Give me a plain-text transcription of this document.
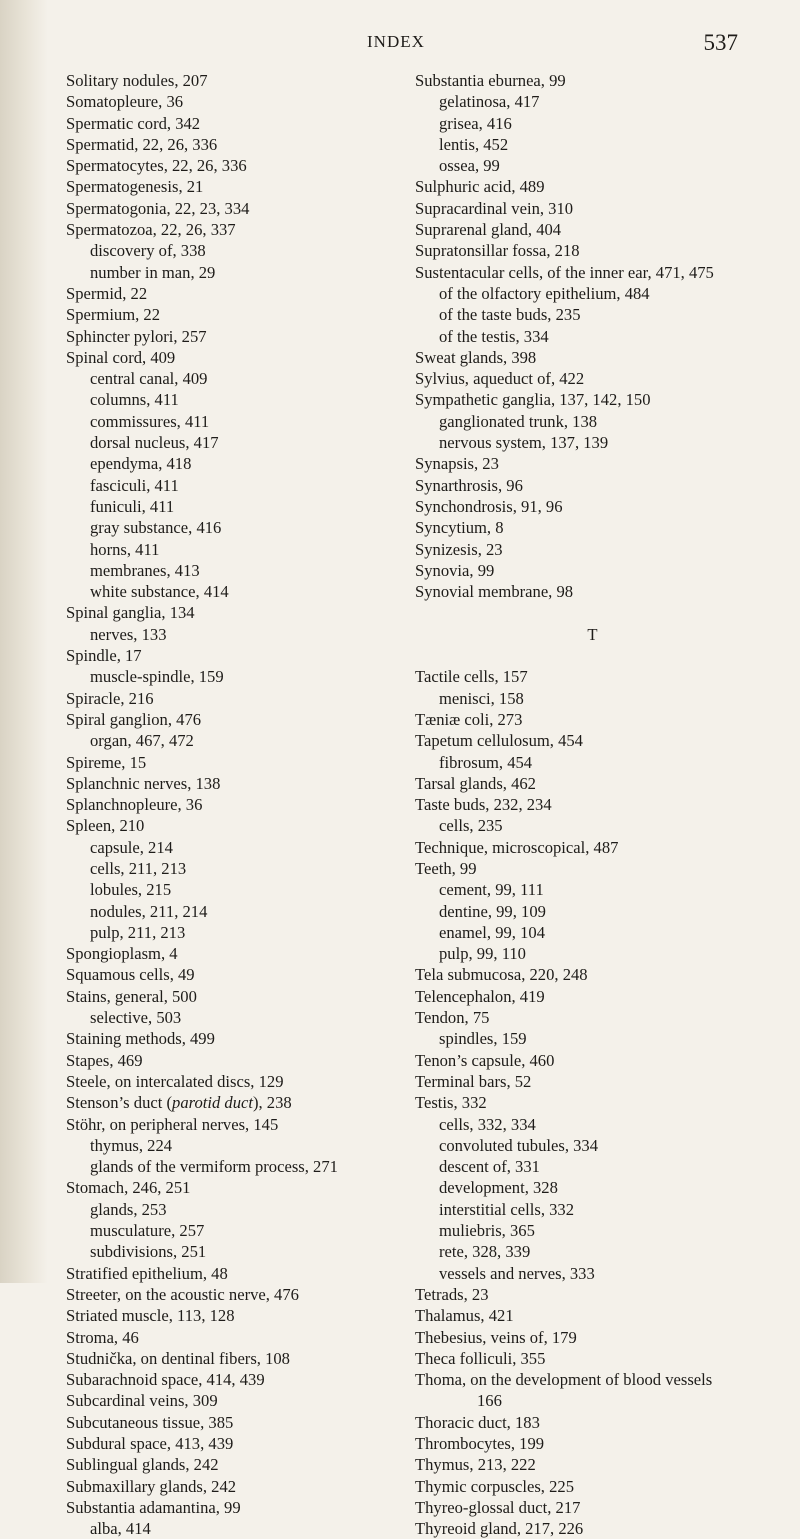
INDEX	537
Solitary nodules, 207
Somatopleure, 36
Spermatic cord, 342
Spermatid, 22, 26, 336
Spermatocytes, 22, 26, 336
Spermatogenesis, 21
Spermatogonia, 22, 23, 334
Spermatozoa, 22, 26, 337
discovery of, 338
number in man, 29
Spermid, 22
Spermium, 22
Sphincter pylori, 257
Spinal cord, 409
central canal, 409
columns, 411
commissures, 411
dorsal nucleus, 417
ependyma, 418
fasciculi, 411
funiculi, 411
gray substance, 416
horns, 411
membranes, 413
white substance, 414
Spinal ganglia, 134
nerves, 133
Spindle, 17
muscle-spindle, 159
Spiracle, 216
Spiral ganglion, 476
organ, 467, 472
Spireme, 15
Splanchnic nerves, 138
Splanchnopleure, 36
Spleen, 210
capsule, 214
cells, 211, 213
lobules, 215
nodules, 211, 214
pulp, 211, 213
Spongioplasm, 4
Squamous cells, 49
Stains, general, 500
selective, 503
Staining methods, 499
Stapes, 469
Steele, on intercalated discs, 129
Stenson’s duct (parotid duct), 238
Stöhr, on peripheral nerves, 145
thymus, 224
glands of the vermiform process, 271
Stomach, 246, 251
glands, 253
musculature, 257
subdivisions, 251
Stratified epithelium, 48
Streeter, on the acoustic nerve, 476
Striated muscle, 113, 128
Stroma, 46
Studnička, on dentinal fibers, 108
Subarachnoid space, 414, 439
Subcardinal veins, 309
Subcutaneous tissue, 385
Subdural space, 413, 439
Sublingual glands, 242
Submaxillary glands, 242
Substantia adamantina, 99
alba, 414
Substantia eburnea, 99
gelatinosa, 417
grisea, 416
lentis, 452
ossea, 99
Sulphuric acid, 489
Supracardinal vein, 310
Suprarenal gland, 404
Supratonsillar fossa, 218
Sustentacular cells, of the inner ear, 471, 475
of the olfactory epithelium, 484
of the taste buds, 235
of the testis, 334
Sweat glands, 398
Sylvius, aqueduct of, 422
Sympathetic ganglia, 137, 142, 150
ganglionated trunk, 138
nervous system, 137, 139
Synapsis, 23
Synarthrosis, 96
Synchondrosis, 91, 96
Syncytium, 8
Synizesis, 23
Synovia, 99
Synovial membrane, 98

T

Tactile cells, 157
menisci, 158
Tæniæ coli, 273
Tapetum cellulosum, 454
fibrosum, 454
Tarsal glands, 462
Taste buds, 232, 234
cells, 235
Technique, microscopical, 487
Teeth, 99
cement, 99, 111
dentine, 99, 109
enamel, 99, 104
pulp, 99, 110
Tela submucosa, 220, 248
Telencephalon, 419
Tendon, 75
spindles, 159
Tenon’s capsule, 460
Terminal bars, 52
Testis, 332
cells, 332, 334
convoluted tubules, 334
descent of, 331
development, 328
interstitial cells, 332
muliebris, 365
rete, 328, 339
vessels and nerves, 333
Tetrads, 23
Thalamus, 421
Thebesius, veins of, 179
Theca folliculi, 355
Thoma, on the development of blood vessels
166
Thoracic duct, 183
Thrombocytes, 199
Thymus, 213, 222
Thymic corpuscles, 225
Thyreo-glossal duct, 217
Thyreoid gland, 217, 226
